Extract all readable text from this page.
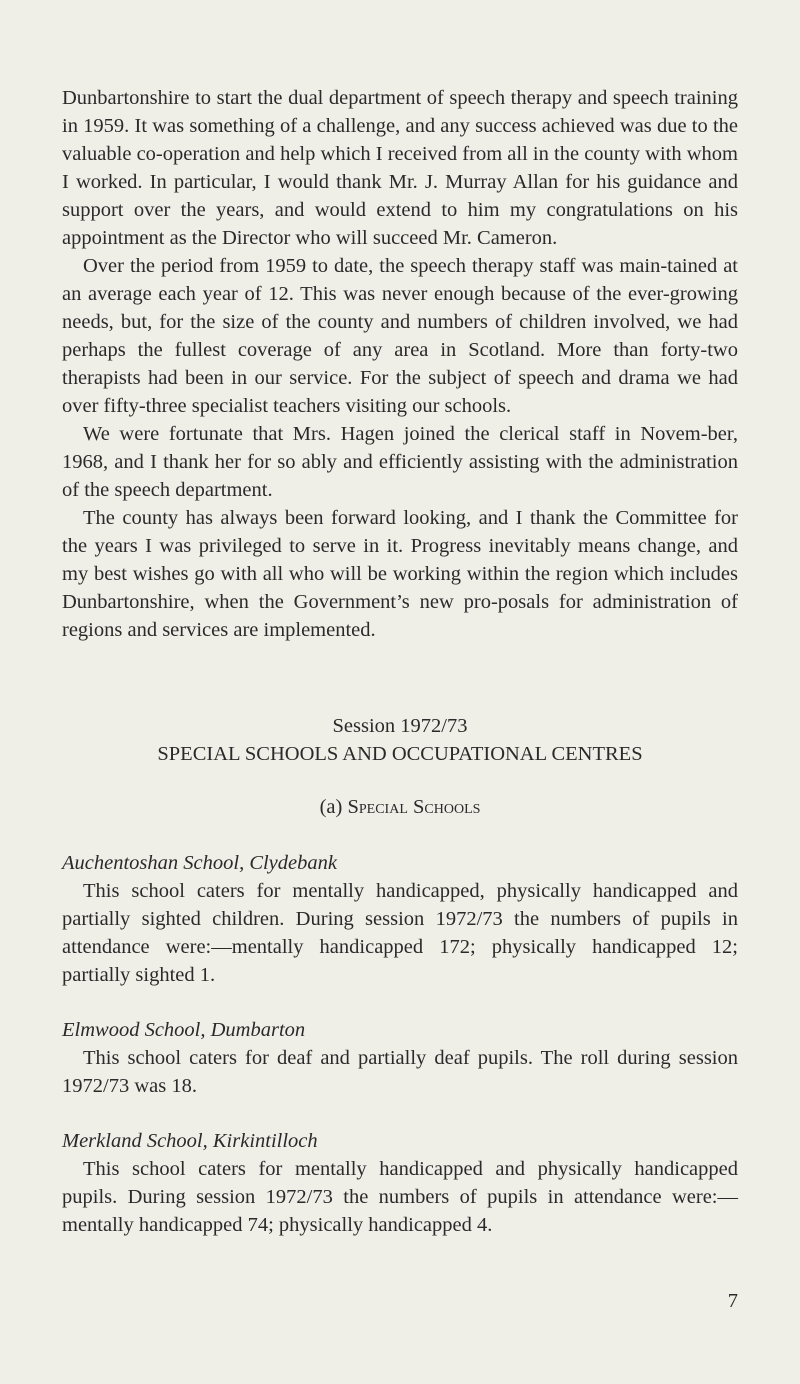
Dunbartonshire to start the dual department of speech therapy and speech training in 1959. It was something of a challenge, and any success achieved was due to the valuable co-operation and help which I received from all in the county with whom I worked. In particular, I would thank Mr. J. Murray Allan for his guidance and support over the years, and would extend to him my congratulations on his appointment as the Director who will succeed Mr. Cameron.

Over the period from 1959 to date, the speech therapy staff was main-tained at an average each year of 12. This was never enough because of the ever-growing needs, but, for the size of the county and numbers of children involved, we had perhaps the fullest coverage of any area in Scotland. More than forty-two therapists had been in our service. For the subject of speech and drama we had over fifty-three specialist teachers visiting our schools.

We were fortunate that Mrs. Hagen joined the clerical staff in Novem-ber, 1968, and I thank her for so ably and efficiently assisting with the administration of the speech department.

The county has always been forward looking, and I thank the Committee for the years I was privileged to serve in it. Progress inevitably means change, and my best wishes go with all who will be working within the region which includes Dunbartonshire, when the Government’s new pro-posals for administration of regions and services are implemented.

Session 1972/73
SPECIAL SCHOOLS AND OCCUPATIONAL CENTRES
(a) Special Schools
Auchentoshan School, Clydebank

This school caters for mentally handicapped, physically handicapped and partially sighted children. During session 1972/73 the numbers of pupils in attendance were:—mentally handicapped 172; physically handicapped 12; partially sighted 1.

Elmwood School, Dumbarton

This school caters for deaf and partially deaf pupils. The roll during session 1972/73 was 18.

Merkland School, Kirkintilloch

This school caters for mentally handicapped and physically handicapped pupils. During session 1972/73 the numbers of pupils in attendance were:—mentally handicapped 74; physically handicapped 4.

7
